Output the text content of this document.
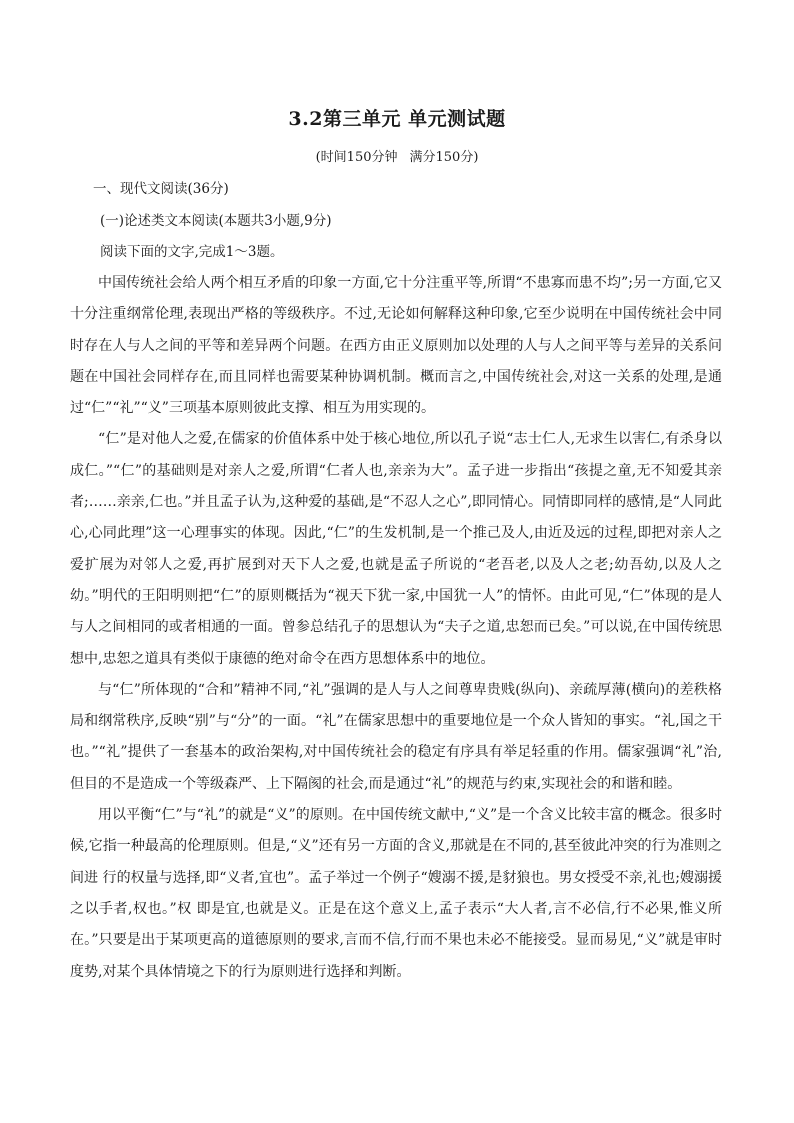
3.2第三单元 单元测试题
(时间150分钟 满分150分)
一、现代文阅读(36分)
(一)论述类文本阅读(本题共3小题,9分)
阅读下面的文字,完成1～3题。

中国传统社会给人两个相互矛盾的印象一方面,它十分注重平等,所谓“不患寡而患不均”;另一方面,它又十分注重纲常伦理,表现出严格的等级秩序。不过,无论如何解释这种印象,它至少说明在中国传统社会中同时存在人与人之间的平等和差异两个问题。在西方由正义原则加以处理的人与人之间平等与差异的关系问题在中国社会同样存在,而且同样也需要某种协调机制。概而言之,中国传统社会,对这一关系的处理,是通过“仁”“礼”“义”三项基本原则彼此支撑、相互为用实现的。

“仁”是对他人之爱,在儒家的价值体系中处于核心地位,所以孔子说“志士仁人,无求生以害仁,有杀身以成仁。”“仁”的基础则是对亲人之爱,所谓“仁者人也,亲亲为大”。孟子进一步指出“孩提之童,无不知爱其亲者;……亲亲,仁也。”并且孟子认为,这种爱的基础,是“不忍人之心”,即同情心。同情即同样的感情,是“人同此心,心同此理”这一心理事实的体现。因此,“仁”的生发机制,是一个推己及人,由近及远的过程,即把对亲人之爱扩展为对邻人之爱,再扩展到对天下人之爱,也就是孟子所说的“老吾老,以及人之老;幼吾幼,以及人之幼。”明代的王阳明则把“仁”的原则概括为“视天下犹一家,中国犹一人”的情怀。由此可见,“仁”体现的是人与人之间相同的或者相通的一面。曾参总结孔子的思想认为“夫子之道,忠恕而已矣。”可以说,在中国传统思想中,忠恕之道具有类似于康德的绝对命令在西方思想体系中的地位。

与“仁”所体现的“合和”精神不同,“礼”强调的是人与人之间尊卑贵贱(纵向)、亲疏厚薄(横向)的差秩格局和纲常秩序,反映“别”与“分”的一面。“礼”在儒家思想中的重要地位是一个众人皆知的事实。“礼,国之干也。”“礼”提供了一套基本的政治架构,对中国传统社会的稳定有序具有举足轻重的作用。儒家强调“礼”治,但目的不是造成一个等级森严、上下隔阂的社会,而是通过“礼”的规范与约束,实现社会的和谐和睦。

用以平衡“仁”与“礼”的就是“义”的原则。在中国传统文献中,“义”是一个含义比较丰富的概念。很多时候,它指一种最高的伦理原则。但是,“义”还有另一方面的含义,那就是在不同的,甚至彼此冲突的行为准则之间进 行的权量与选择,即“义者,宜也”。孟子举过一个例子“嫂溺不援,是豺狼也。男女授受不亲,礼也;嫂溺援之以手者,权也。”权 即是宜,也就是义。正是在这个意义上,孟子表示“大人者,言不必信,行不必果,惟义所在。”只要是出于某项更高的道德原则的要求,言而不信,行而不果也未必不能接受。显而易见,“义”就是审时度势,对某个具体情境之下的行为原则进行选择和判断。
